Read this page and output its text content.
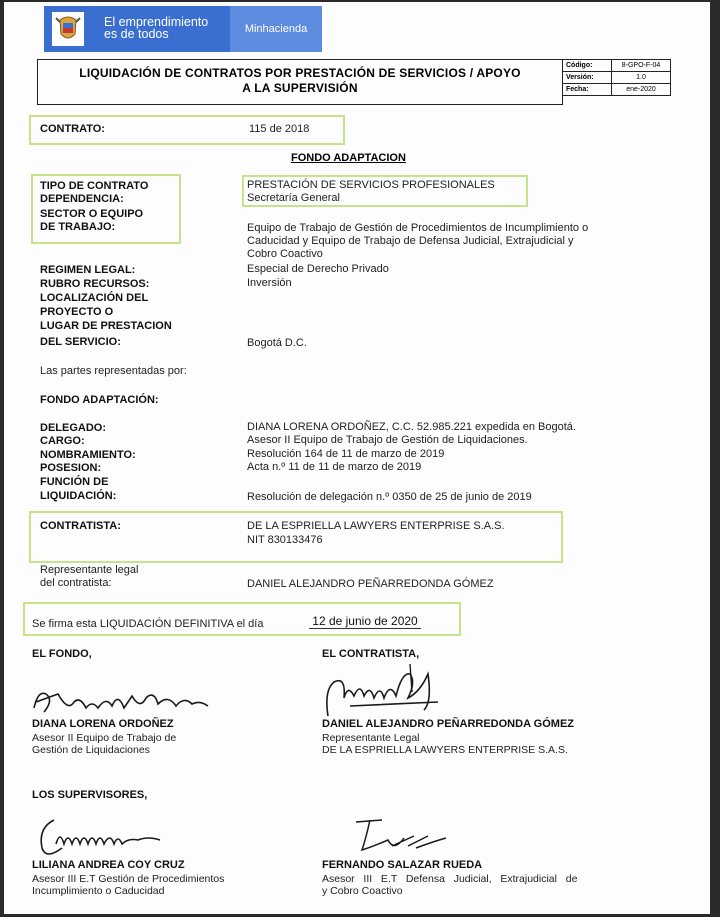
El emprendimiento
es de todos	Minhacienda
LIQUIDACIÓN DE CONTRATOS POR PRESTACIÓN DE SERVICIOS / APOYO
A LA SUPERVISIÓN
Código:	8-GPO-F-04
Versión:	1.0
Fecha:	ene-2020
CONTRATO:	115 de 2018
FONDO ADAPTACION
TIPO DE CONTRATO	PRESTACIÓN DE SERVICIOS PROFESIONALES
DEPENDENCIA:	Secretaría General
SECTOR O EQUIPO
DE TRABAJO:	Equipo de Trabajo de Gestión de Procedimientos de Incumplimiento o
Caducidad y Equipo de Trabajo de Defensa Judicial, Extrajudicial y
Cobro Coactivo
REGIMEN LEGAL:	Especial de Derecho Privado
RUBRO RECURSOS:	Inversión
LOCALIZACIÓN DEL
PROYECTO O
LUGAR DE PRESTACION
DEL SERVICIO:	Bogotá D.C.
Las partes representadas por:
FONDO ADAPTACIÓN:
DELEGADO:	DIANA LORENA ORDOÑEZ, C.C. 52.985.221 expedida en Bogotá.
CARGO:	Asesor II Equipo de Trabajo de Gestión de Liquidaciones.
NOMBRAMIENTO:	Resolución 164 de 11 de marzo de 2019
POSESION:	Acta n.º 11 de 11 de marzo de 2019
FUNCIÓN DE
LIQUIDACIÓN:	Resolución de delegación n.º 0350 de 25 de junio de 2019
CONTRATISTA:	DE LA ESPRIELLA LAWYERS ENTERPRISE S.A.S.
NIT 830133476
Representante legal
del contratista:	DANIEL ALEJANDRO PEÑARREDONDA GÓMEZ
Se firma esta LIQUIDACIÓN DEFINITIVA el día	12 de junio de 2020
EL FONDO,	EL CONTRATISTA,
DIANA LORENA ORDOÑEZ
Asesor II Equipo de Trabajo de
Gestión de Liquidaciones
DANIEL ALEJANDRO PEÑARREDONDA GÓMEZ
Representante Legal
DE LA ESPRIELLA LAWYERS ENTERPRISE S.A.S.
LOS SUPERVISORES,
LILIANA ANDREA COY CRUZ
Asesor III E.T Gestión de Procedimientos
Incumplimiento o Caducidad
FERNANDO SALAZAR RUEDA
Asesor   III   E.T   Defensa   Judicial,   Extrajudicial   de
y Cobro Coactivo
